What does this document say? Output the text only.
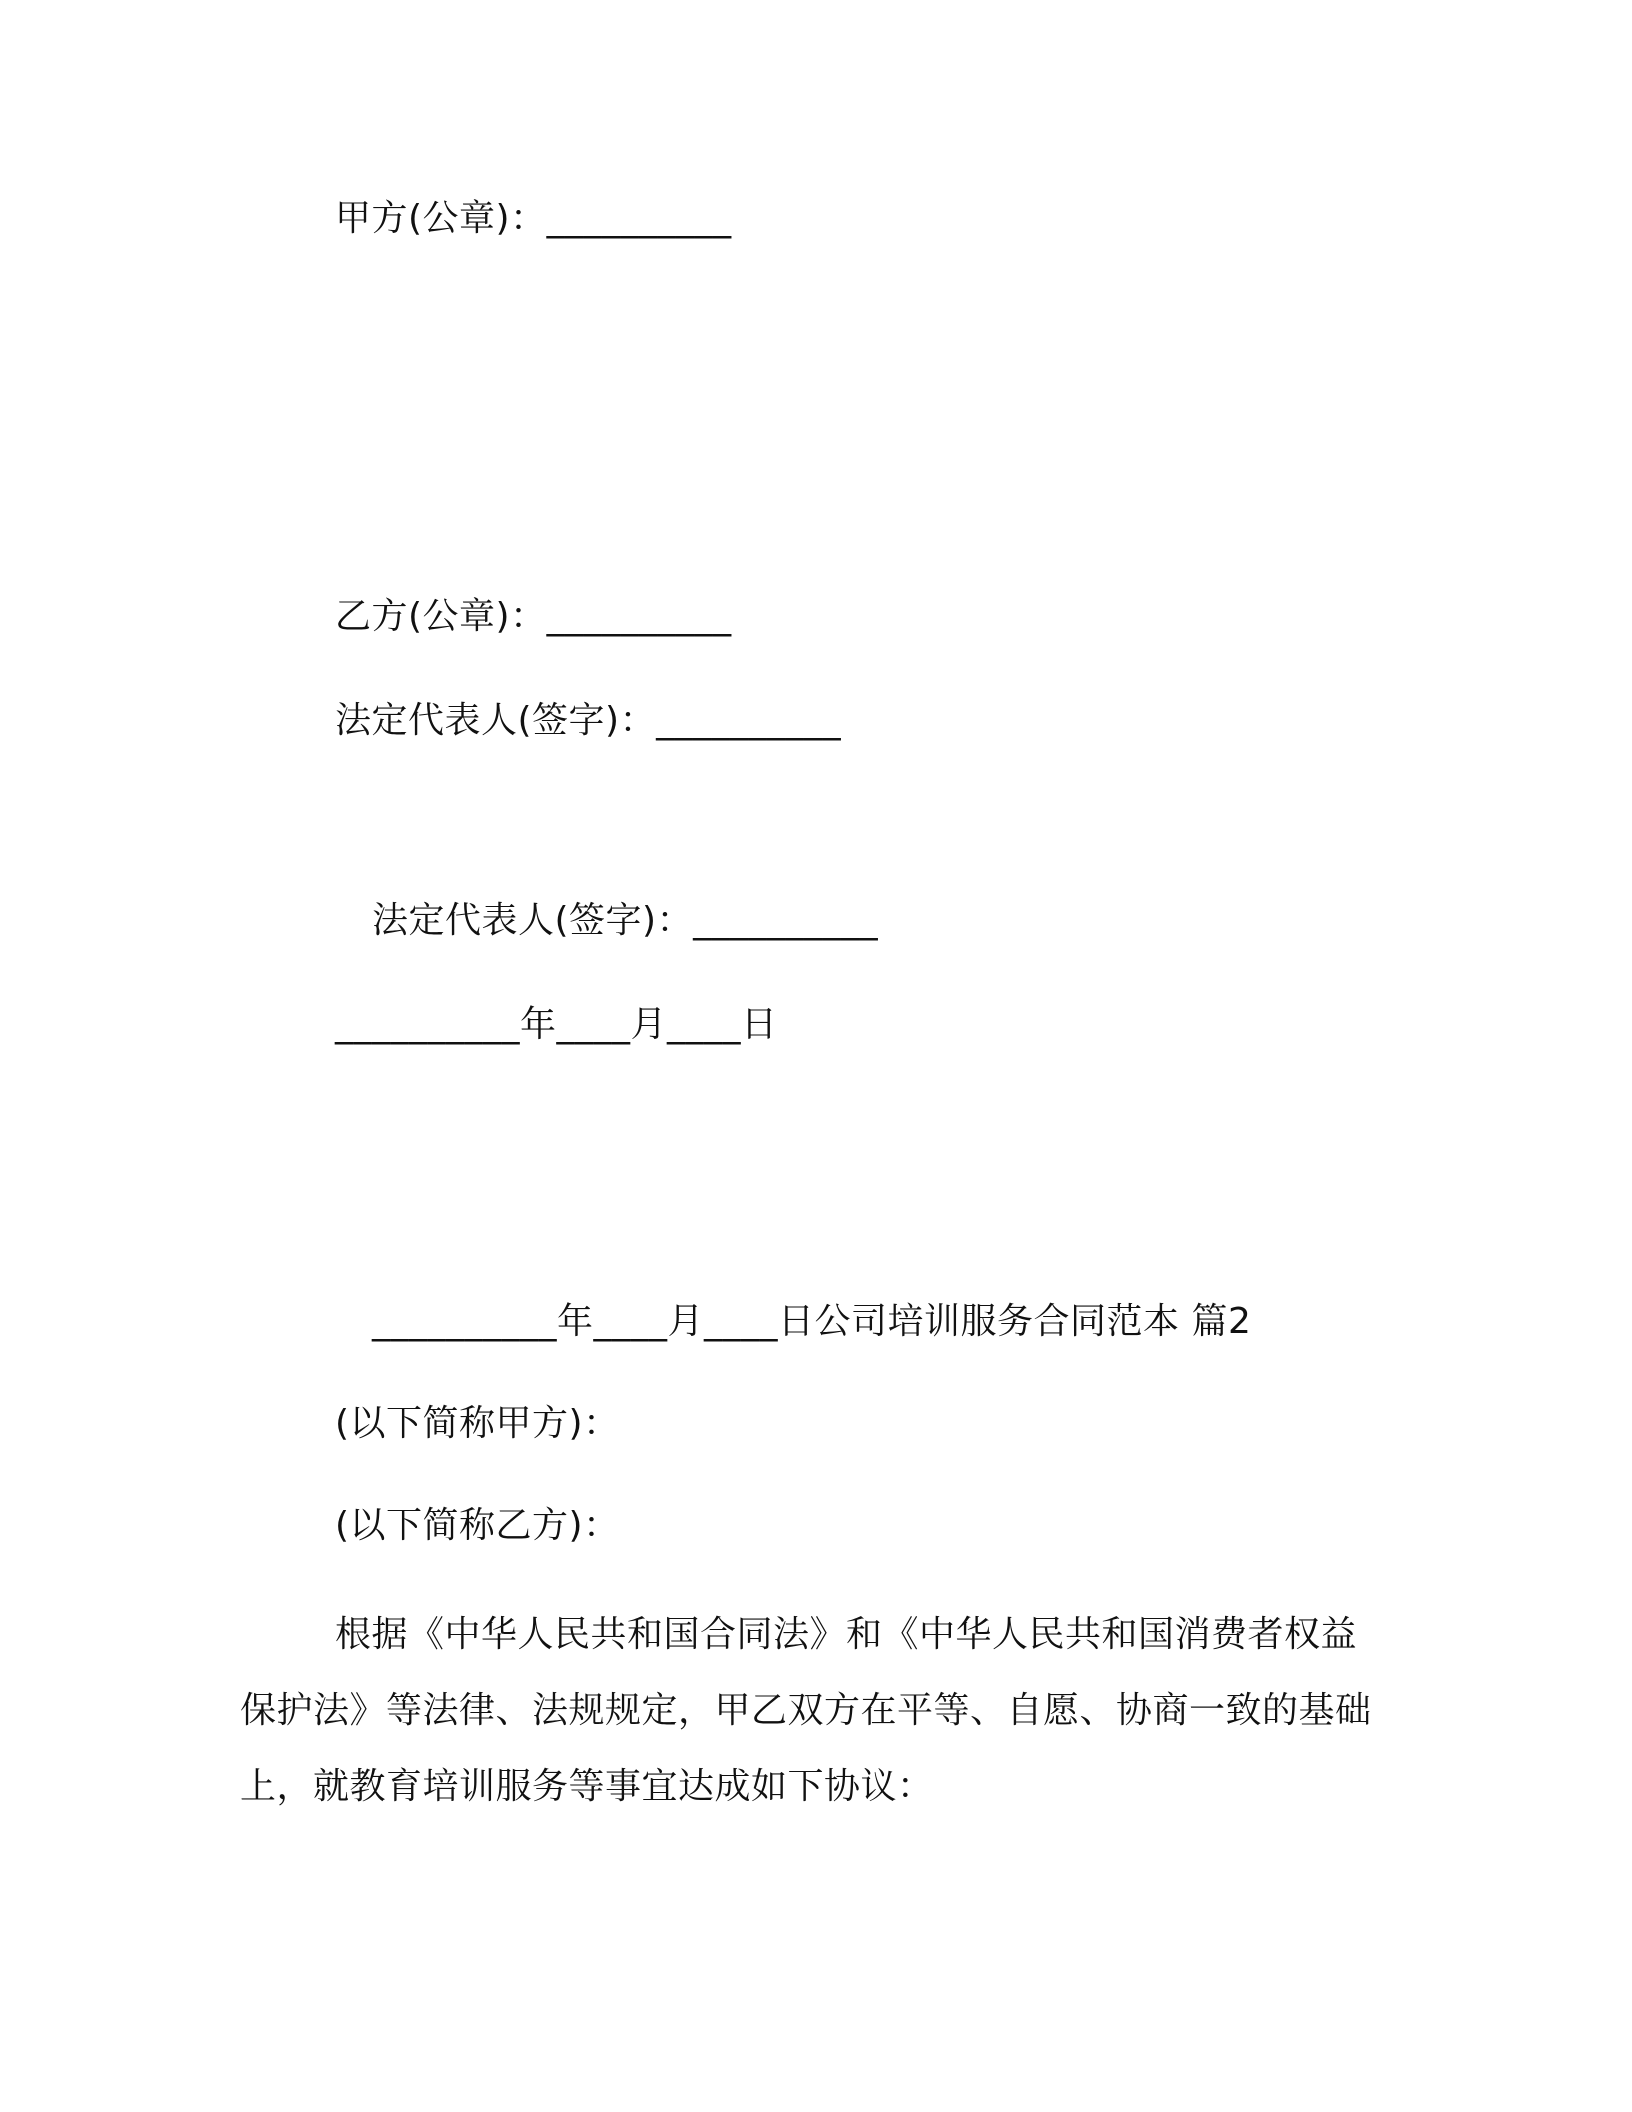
甲方(公章)：__________
乙方(公章)：__________
法定代表人(签字)：__________
法定代表人(签字)：__________
__________年____月____日
__________年____月____日公司培训服务合同范本 篇2
(以下简称甲方)：
(以下简称乙方)：
根据《中华人民共和国合同法》和《中华人民共和国消费者权益保护法》等法律、法规规定，甲乙双方在平等、自愿、协商一致的基础上，就教育培训服务等事宜达成如下协议：
